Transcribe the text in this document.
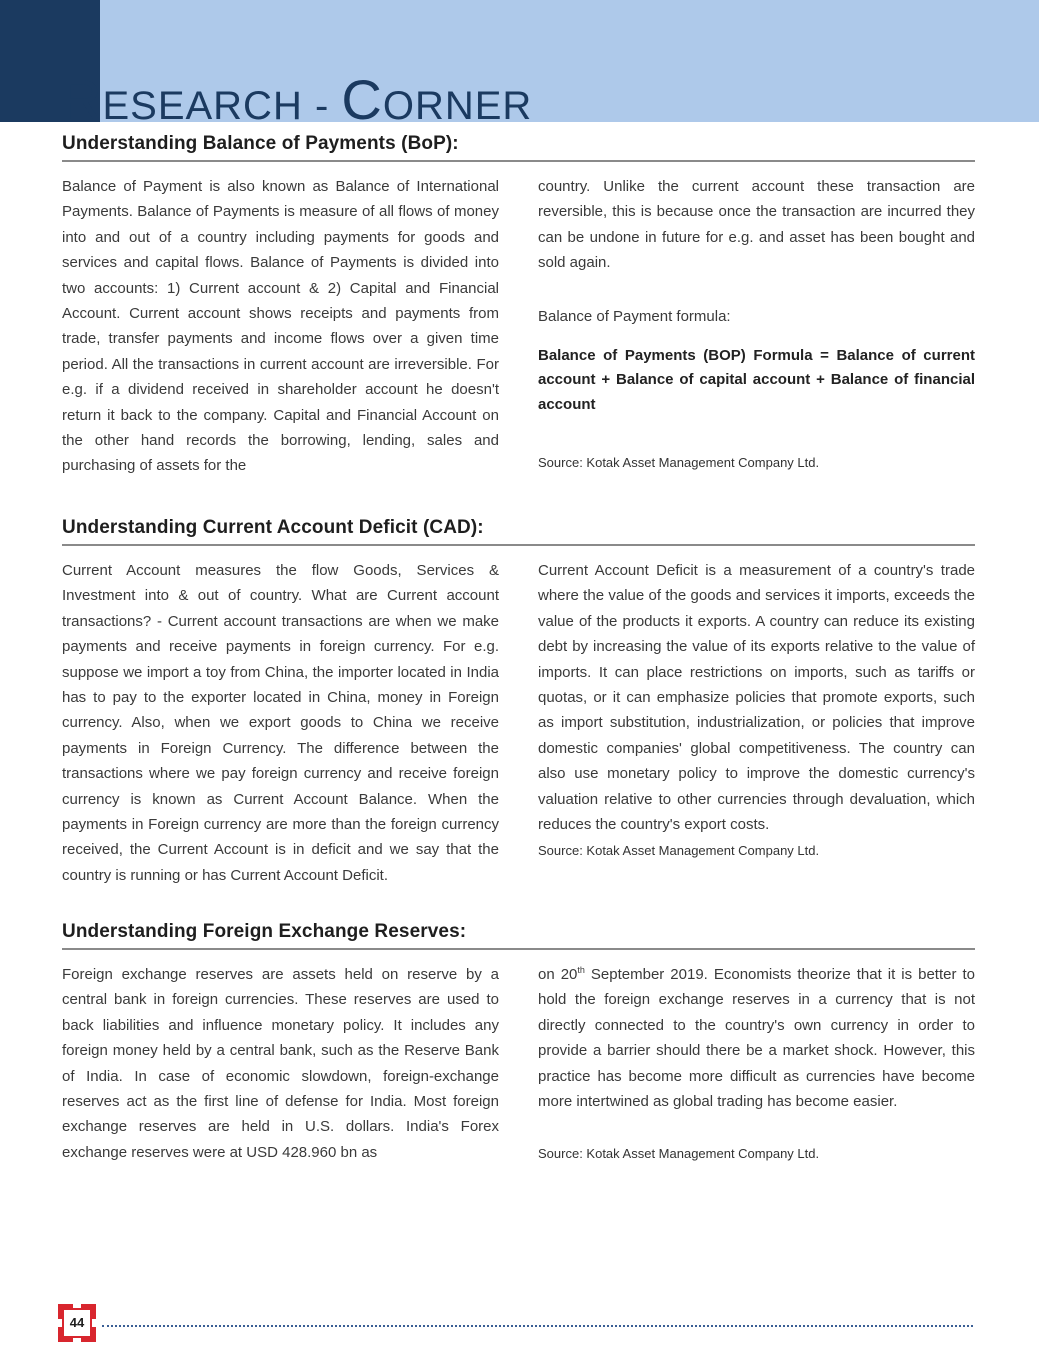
RESEARCH - CORNER
Understanding Balance of Payments (BoP):

Balance of Payment is also known as Balance of International Payments. Balance of Payments is measure of all flows of money into and out of a country including payments for goods and services and capital flows. Balance of Payments is divided into two accounts: 1) Current account & 2) Capital and Financial Account. Current account shows receipts and payments from trade, transfer payments and income flows over a given time period. All the transactions in current account are irreversible. For e.g. if a dividend received in shareholder account he doesn't return it back to the company. Capital and Financial Account on the other hand records the borrowing, lending, sales and purchasing of assets for the

country. Unlike the current account these transaction are reversible, this is because once the transaction are incurred they can be undone in future for e.g. and asset has been bought and sold again.

Balance of Payment formula:

Balance of Payments (BOP) Formula = Balance of current account + Balance of capital account + Balance of financial account

Source: Kotak Asset Management Company Ltd.

Understanding Current Account Deficit (CAD):

Current Account measures the flow Goods, Services & Investment into & out of country. What are Current account transactions? - Current account transactions are when we make payments and receive payments in foreign currency. For e.g. suppose we import a toy from China, the importer located in India has to pay to the exporter located in China, money in Foreign currency. Also, when we export goods to China we receive payments in Foreign Currency. The difference between the transactions where we pay foreign currency and receive foreign currency is known as Current Account Balance. When the payments in Foreign currency are more than the foreign currency received, the Current Account is in deficit and we say that the country is running or has Current Account Deficit.

Current Account Deficit is a measurement of a country's trade where the value of the goods and services it imports, exceeds the value of the products it exports. A country can reduce its existing debt by increasing the value of its exports relative to the value of imports. It can place restrictions on imports, such as tariffs or quotas, or it can emphasize policies that promote exports, such as import substitution, industrialization, or policies that improve domestic companies' global competitiveness. The country can also use monetary policy to improve the domestic currency's valuation relative to other currencies through devaluation, which reduces the country's export costs.

Source: Kotak Asset Management Company Ltd.

Understanding Foreign Exchange Reserves:

Foreign exchange reserves are assets held on reserve by a central bank in foreign currencies. These reserves are used to back liabilities and influence monetary policy. It includes any foreign money held by a central bank, such as the Reserve Bank of India. In case of economic slowdown, foreign-exchange reserves act as the first line of defense for India. Most foreign exchange reserves are held in U.S. dollars. India's Forex exchange reserves were at USD 428.960 bn as

on 20th September 2019. Economists theorize that it is better to hold the foreign exchange reserves in a currency that is not directly connected to the country's own currency in order to provide a barrier should there be a market shock. However, this practice has become more difficult as currencies have become more intertwined as global trading has become easier.

Source: Kotak Asset Management Company Ltd.

44
